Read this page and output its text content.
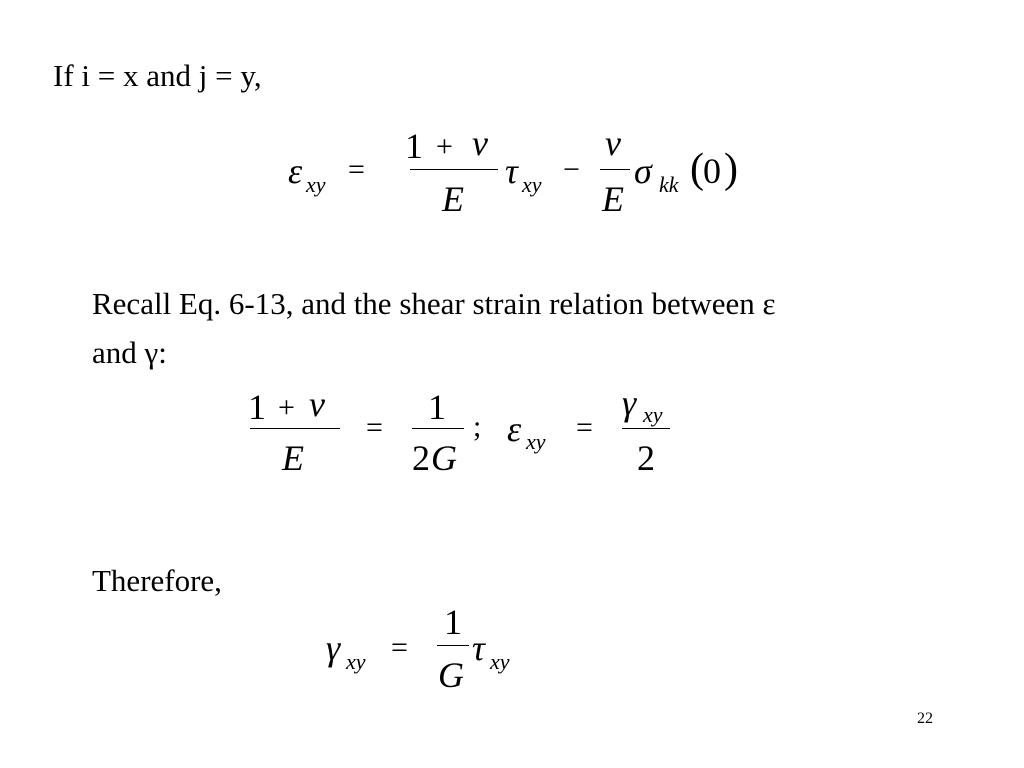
If i = x and j = y,
ε xy =
1 + ν
E
τ xy −
ν
E
σ kk ( 0 )
Recall Eq. 6-13, and the shear strain relation between ε
and γ:
1 + ν
E
=
1
2 G
; ε xy =
γ xy
2
Therefore,
γ xy =
1
G
τ xy
22
